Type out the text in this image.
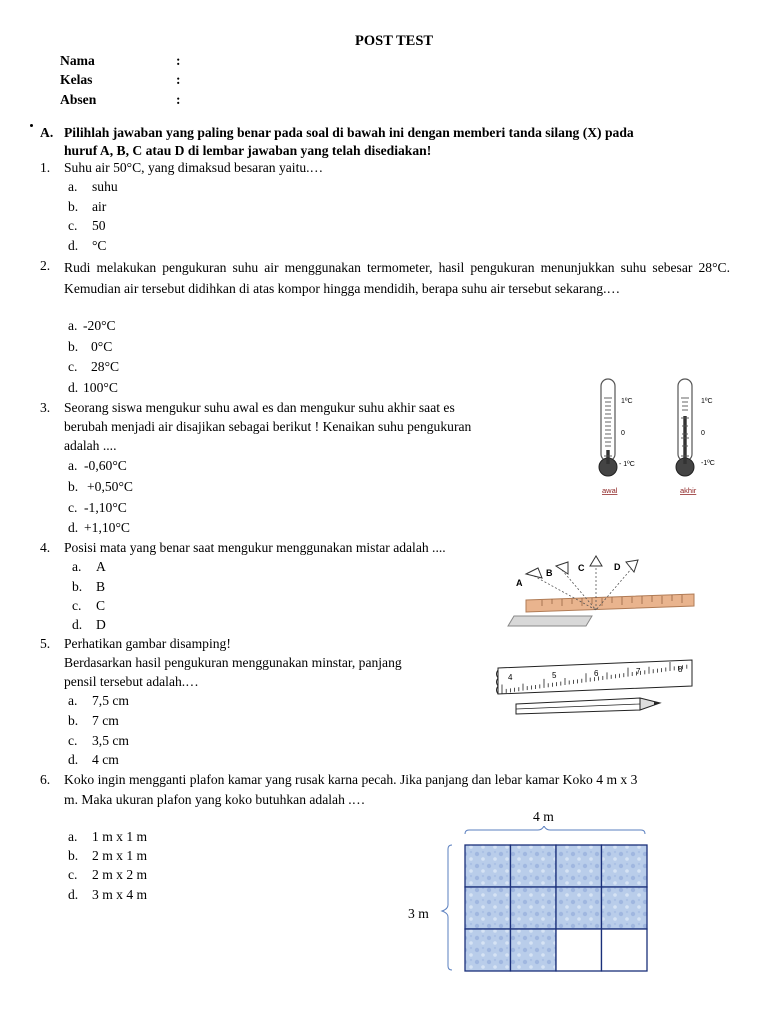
POST TEST
Nama	:
Kelas	:
Absen	:
A. Pilihlah jawaban yang paling benar pada soal di bawah ini dengan memberi tanda silang (X) pada
huruf A, B, C atau D di lembar jawaban yang telah disediakan!
1. Suhu air 50°C, yang dimaksud besaran yaitu.…
a. suhu
b. air
c. 50
d. °C
2. Rudi melakukan pengukuran suhu air menggunakan termometer, hasil pengukuran menunjukkan suhu sebesar 28°C. Kemudian air tersebut didihkan di atas kompor hingga mendidih, berapa suhu air tersebut sekarang.…
a. -20°C
b. 0°C
c. 28°C
d. 100°C
3. Seorang siswa mengukur suhu awal es dan mengukur suhu akhir saat es
berubah menjadi air disajikan sebagai berikut ! Kenaikan suhu pengukuran
adalah ....
a. -0,60°C
b. +0,50°C
c. -1,10°C
d. +1,10°C
1ºC
0
- 1ºC
awal
1ºC
0
-1ºC
akhir
4. Posisi mata yang benar saat mengukur menggunakan mistar adalah ....
a. A
b. B
c. C
d. D
A
B	C	D
5. Perhatikan gambar disamping!
Berdasarkan hasil pengukuran menggunakan minstar, panjang
pensil tersebut adalah.…
a. 7,5 cm
b. 7 cm
c. 3,5 cm
d. 4 cm
4	5	6	7	8
6. Koko ingin mengganti plafon kamar yang rusak karna pecah. Jika panjang dan lebar kamar Koko 4 m x 3
m. Maka ukuran plafon yang koko butuhkan adalah .…
a. 1 m x 1 m
b. 2 m x 1 m
c. 2 m x 2 m
d. 3 m x 4 m
4 m
3 m
